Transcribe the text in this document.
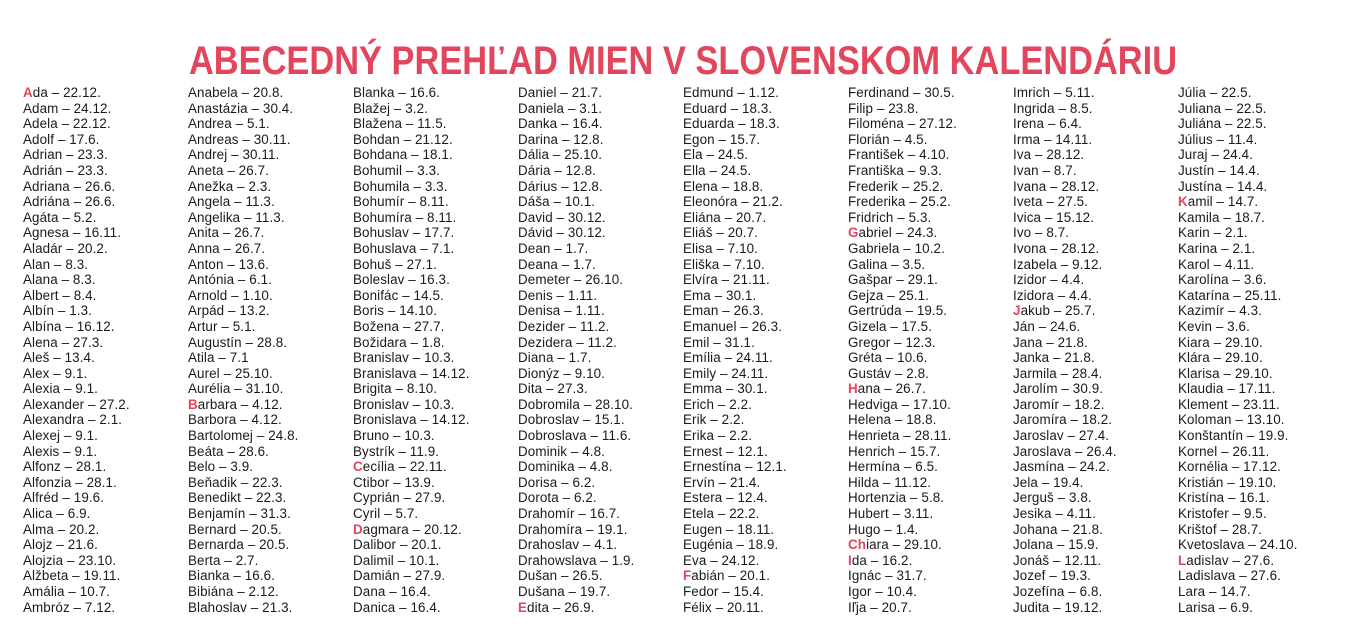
ABECEDNÝ PREHĽAD MIEN V SLOVENSKOM KALENDÁRIU
Ada – 22.12.
Adam – 24.12.
Adela – 22.12.
Adolf – 17.6.
Adrian – 23.3.
Adrián – 23.3.
Adriana – 26.6.
Adriána – 26.6.
Agáta – 5.2.
Agnesa – 16.11.
Aladár – 20.2.
Alan – 8.3.
Alana – 8.3.
Albert – 8.4.
Albín – 1.3.
Albína – 16.12.
Alena – 27.3.
Aleš – 13.4.
Alex – 9.1.
Alexia – 9.1.
Alexander – 27.2.
Alexandra – 2.1.
Alexej – 9.1.
Alexis – 9.1.
Alfonz – 28.1.
Alfonzia – 28.1.
Alfréd – 19.6.
Alica – 6.9.
Alma – 20.2.
Alojz – 21.6.
Alojzia – 23.10.
Alžbeta – 19.11.
Amália – 10.7.
Ambróz – 7.12.
Anabela – 20.8.
Anastázia – 30.4.
Andrea – 5.1.
Andreas – 30.11.
Andrej – 30.11.
Aneta – 26.7.
Anežka – 2.3.
Angela – 11.3.
Angelika – 11.3.
Anita – 26.7.
Anna – 26.7.
Anton – 13.6.
Antónia – 6.1.
Arnold – 1.10.
Arpád – 13.2.
Artur – 5.1.
Augustín – 28.8.
Atila – 7.1
Aurel – 25.10.
Aurélia – 31.10.
Barbara – 4.12.
Barbora – 4.12.
Bartolomej – 24.8.
Beáta – 28.6.
Belo – 3.9.
Beňadik – 22.3.
Benedikt – 22.3.
Benjamín – 31.3.
Bernard – 20.5.
Bernarda – 20.5.
Berta – 2.7.
Bianka – 16.6.
Bibiána – 2.12.
Blahoslav – 21.3.
Blanka – 16.6.
Blažej – 3.2.
Blažena – 11.5.
Bohdan – 21.12.
Bohdana – 18.1.
Bohumil – 3.3.
Bohumila – 3.3.
Bohumír – 8.11.
Bohumíra – 8.11.
Bohuslav – 17.7.
Bohuslava – 7.1.
Bohuš – 27.1.
Boleslav – 16.3.
Bonifác – 14.5.
Boris – 14.10.
Božena – 27.7.
Božidara – 1.8.
Branislav – 10.3.
Branislava – 14.12.
Brigita – 8.10.
Bronislav – 10.3.
Bronislava – 14.12.
Bruno – 10.3.
Bystrík – 11.9.
Cecília – 22.11.
Ctibor – 13.9.
Cyprián – 27.9.
Cyril – 5.7.
Dagmara – 20.12.
Dalibor – 20.1.
Dalimil – 10.1.
Damián – 27.9.
Dana – 16.4.
Danica – 16.4.
Daniel – 21.7.
Daniela – 3.1.
Danka – 16.4.
Darina – 12.8.
Dália – 25.10.
Dária – 12.8.
Dárius – 12.8.
Dáša – 10.1.
David – 30.12.
Dávid – 30.12.
Dean – 1.7.
Deana – 1.7.
Demeter – 26.10.
Denis – 1.11.
Denisa – 1.11.
Dezider – 11.2.
Dezidera – 11.2.
Diana – 1.7.
Dionýz – 9.10.
Dita – 27.3.
Dobromila – 28.10.
Dobroslav – 15.1.
Dobroslava – 11.6.
Dominik – 4.8.
Dominika – 4.8.
Dorisa – 6.2.
Dorota – 6.2.
Drahomír – 16.7.
Drahomíra – 19.1.
Drahoslav – 4.1.
Drahowslava – 1.9.
Dušan – 26.5.
Dušana – 19.7.
Edita – 26.9.
Edmund – 1.12.
Eduard – 18.3.
Eduarda – 18.3.
Egon – 15.7.
Ela – 24.5.
Ella – 24.5.
Elena – 18.8.
Eleonóra – 21.2.
Eliána – 20.7.
Eliáš – 20.7.
Elisa – 7.10.
Eliška – 7.10.
Elvíra – 21.11.
Ema – 30.1.
Eman – 26.3.
Emanuel – 26.3.
Emil – 31.1.
Emília – 24.11.
Emily – 24.11.
Emma – 30.1.
Erich – 2.2.
Erik – 2.2.
Erika – 2.2.
Ernest – 12.1.
Ernestína – 12.1.
Ervín – 21.4.
Estera – 12.4.
Etela – 22.2.
Eugen – 18.11.
Eugénia – 18.9.
Eva – 24.12.
Fabián – 20.1.
Fedor – 15.4.
Félix – 20.11.
Ferdinand – 30.5.
Filip – 23.8.
Filoména – 27.12.
Florián – 4.5.
František – 4.10.
Františka – 9.3.
Frederik – 25.2.
Frederika – 25.2.
Fridrich – 5.3.
Gabriel – 24.3.
Gabriela – 10.2.
Galina – 3.5.
Gašpar – 29.1.
Gejza – 25.1.
Gertrúda – 19.5.
Gizela – 17.5.
Gregor – 12.3.
Gréta – 10.6.
Gustáv – 2.8.
Hana – 26.7.
Hedviga – 17.10.
Helena – 18.8.
Henrieta – 28.11.
Henrich – 15.7.
Hermína – 6.5.
Hilda – 11.12.
Hortenzia – 5.8.
Hubert – 3.11.
Hugo – 1.4.
Chiara – 29.10.
Ida – 16.2.
Ignác – 31.7.
Igor – 10.4.
Iľja – 20.7.
Imrich – 5.11.
Ingrida – 8.5.
Irena – 6.4.
Irma – 14.11.
Iva – 28.12.
Ivan – 8.7.
Ivana – 28.12.
Iveta – 27.5.
Ivica – 15.12.
Ivo – 8.7.
Ivona – 28.12.
Izabela – 9.12.
Izidor – 4.4.
Izidora – 4.4.
Jakub – 25.7.
Ján – 24.6.
Jana – 21.8.
Janka – 21.8.
Jarmila – 28.4.
Jarolím – 30.9.
Jaromír – 18.2.
Jaromíra – 18.2.
Jaroslav – 27.4.
Jaroslava – 26.4.
Jasmína – 24.2.
Jela – 19.4.
Jerguš – 3.8.
Jesika – 4.11.
Johana – 21.8.
Jolana – 15.9.
Jonáš – 12.11.
Jozef – 19.3.
Jozefína – 6.8.
Judita – 19.12.
Júlia – 22.5.
Juliana – 22.5.
Juliána – 22.5.
Július – 11.4.
Juraj – 24.4.
Justín – 14.4.
Justína – 14.4.
Kamil – 14.7.
Kamila – 18.7.
Karin – 2.1.
Karina – 2.1.
Karol – 4.11.
Karolína – 3.6.
Katarína – 25.11.
Kazimír – 4.3.
Kevin – 3.6.
Kiara – 29.10.
Klára – 29.10.
Klarisa – 29.10.
Klaudia – 17.11.
Klement – 23.11.
Koloman – 13.10.
Konštantín – 19.9.
Kornel – 26.11.
Kornélia – 17.12.
Kristián – 19.10.
Kristína – 16.1.
Kristofer – 9.5.
Krištof – 28.7.
Kvetoslava – 24.10.
Ladislav – 27.6.
Ladislava – 27.6.
Lara – 14.7.
Larisa – 6.9.
